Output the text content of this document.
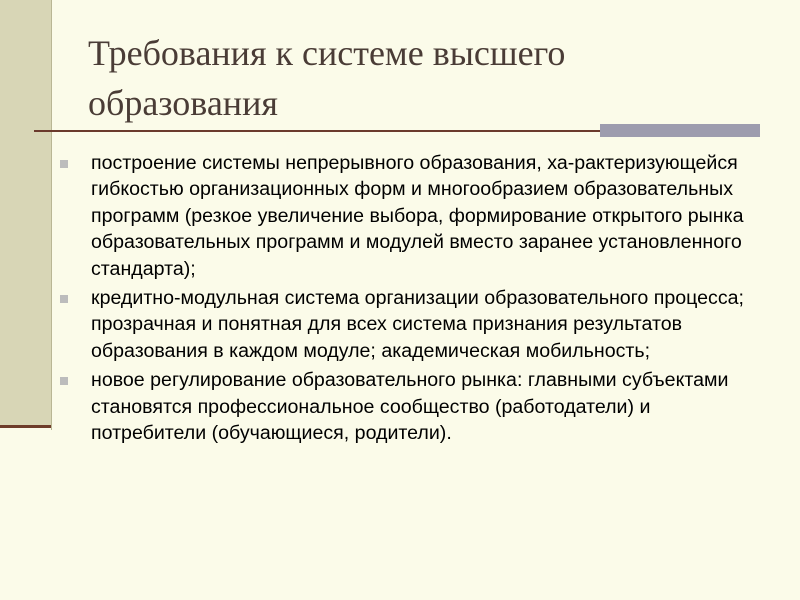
Требования к системе высшего образования
построение системы непрерывного образования, ха-рактеризующейся гибкостью организационных форм и многообразием образовательных программ (резкое увеличение выбора, формирование открытого рынка образовательных программ и модулей вместо заранее установленного стандарта);
кредитно-модульная система организации образовательного процесса; прозрачная и понятная для всех система признания результатов образования в каждом модуле; академическая мобильность;
новое регулирование образовательного рынка: главными субъектами становятся профессиональное сообщество (работодатели) и потребители (обучающиеся, родители).
